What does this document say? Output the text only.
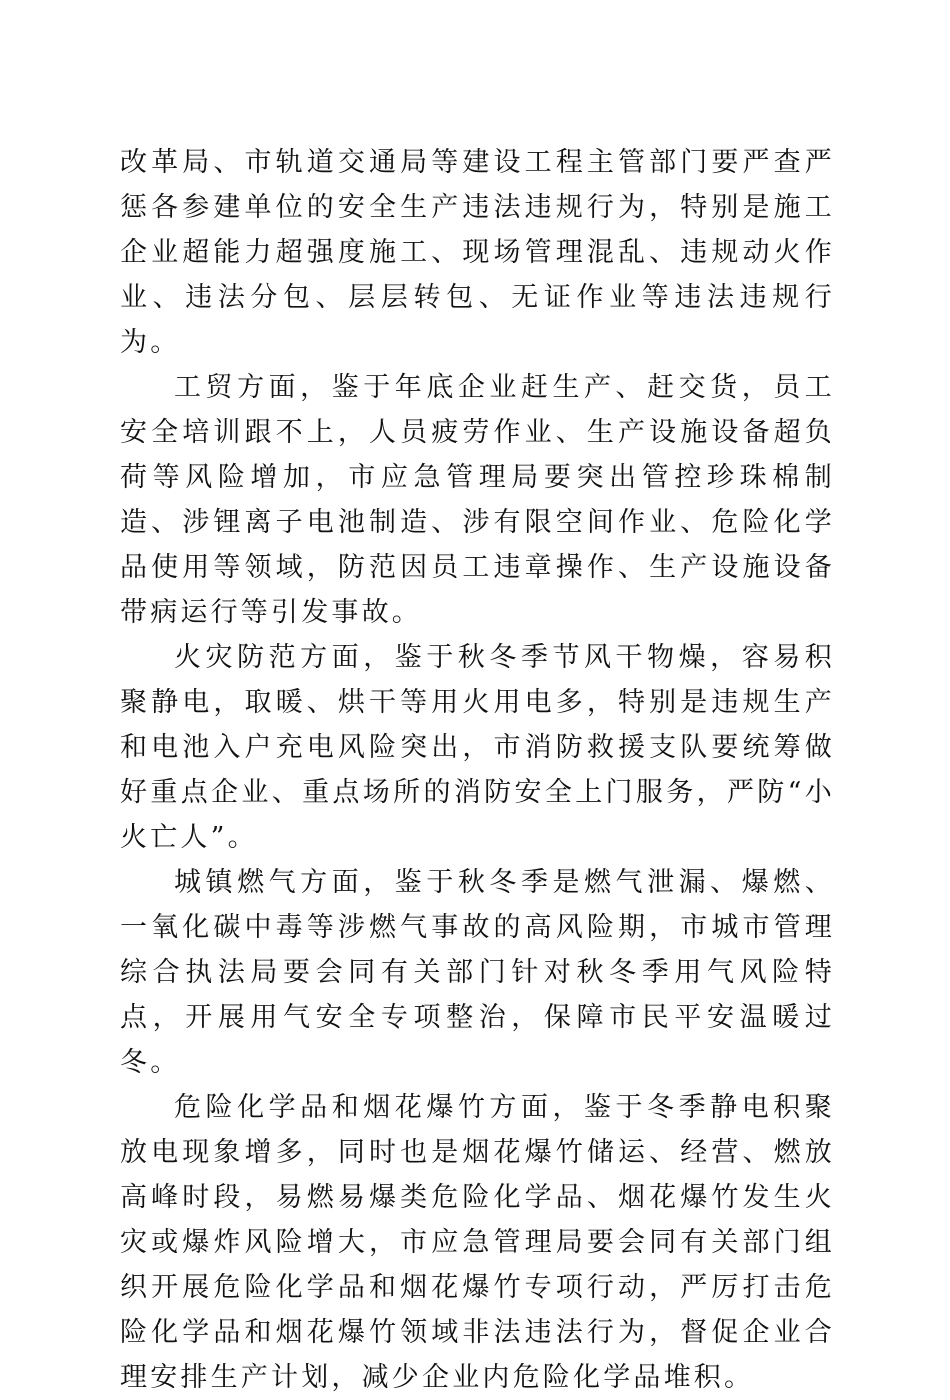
改革局、市轨道交通局等建设工程主管部门要严查严惩各参建单位的安全生产违法违规行为，特别是施工企业超能力超强度施工、现场管理混乱、违规动火作业、违法分包、层层转包、无证作业等违法违规行为。

工贸方面，鉴于年底企业赶生产、赶交货，员工安全培训跟不上，人员疲劳作业、生产设施设备超负荷等风险增加，市应急管理局要突出管控珍珠棉制造、涉锂离子电池制造、涉有限空间作业、危险化学品使用等领域，防范因员工违章操作、生产设施设备带病运行等引发事故。

火灾防范方面，鉴于秋冬季节风干物燥，容易积聚静电，取暖、烘干等用火用电多，特别是违规生产和电池入户充电风险突出，市消防救援支队要统筹做好重点企业、重点场所的消防安全上门服务，严防“小火亡人”。

城镇燃气方面，鉴于秋冬季是燃气泄漏、爆燃、一氧化碳中毒等涉燃气事故的高风险期，市城市管理综合执法局要会同有关部门针对秋冬季用气风险特点，开展用气安全专项整治，保障市民平安温暖过冬。

危险化学品和烟花爆竹方面，鉴于冬季静电积聚放电现象增多，同时也是烟花爆竹储运、经营、燃放高峰时段，易燃易爆类危险化学品、烟花爆竹发生火灾或爆炸风险增大，市应急管理局要会同有关部门组织开展危险化学品和烟花爆竹专项行动，严厉打击危险化学品和烟花爆竹领域非法违法行为，督促企业合理安排生产计划，减少企业内危险化学品堆积。
